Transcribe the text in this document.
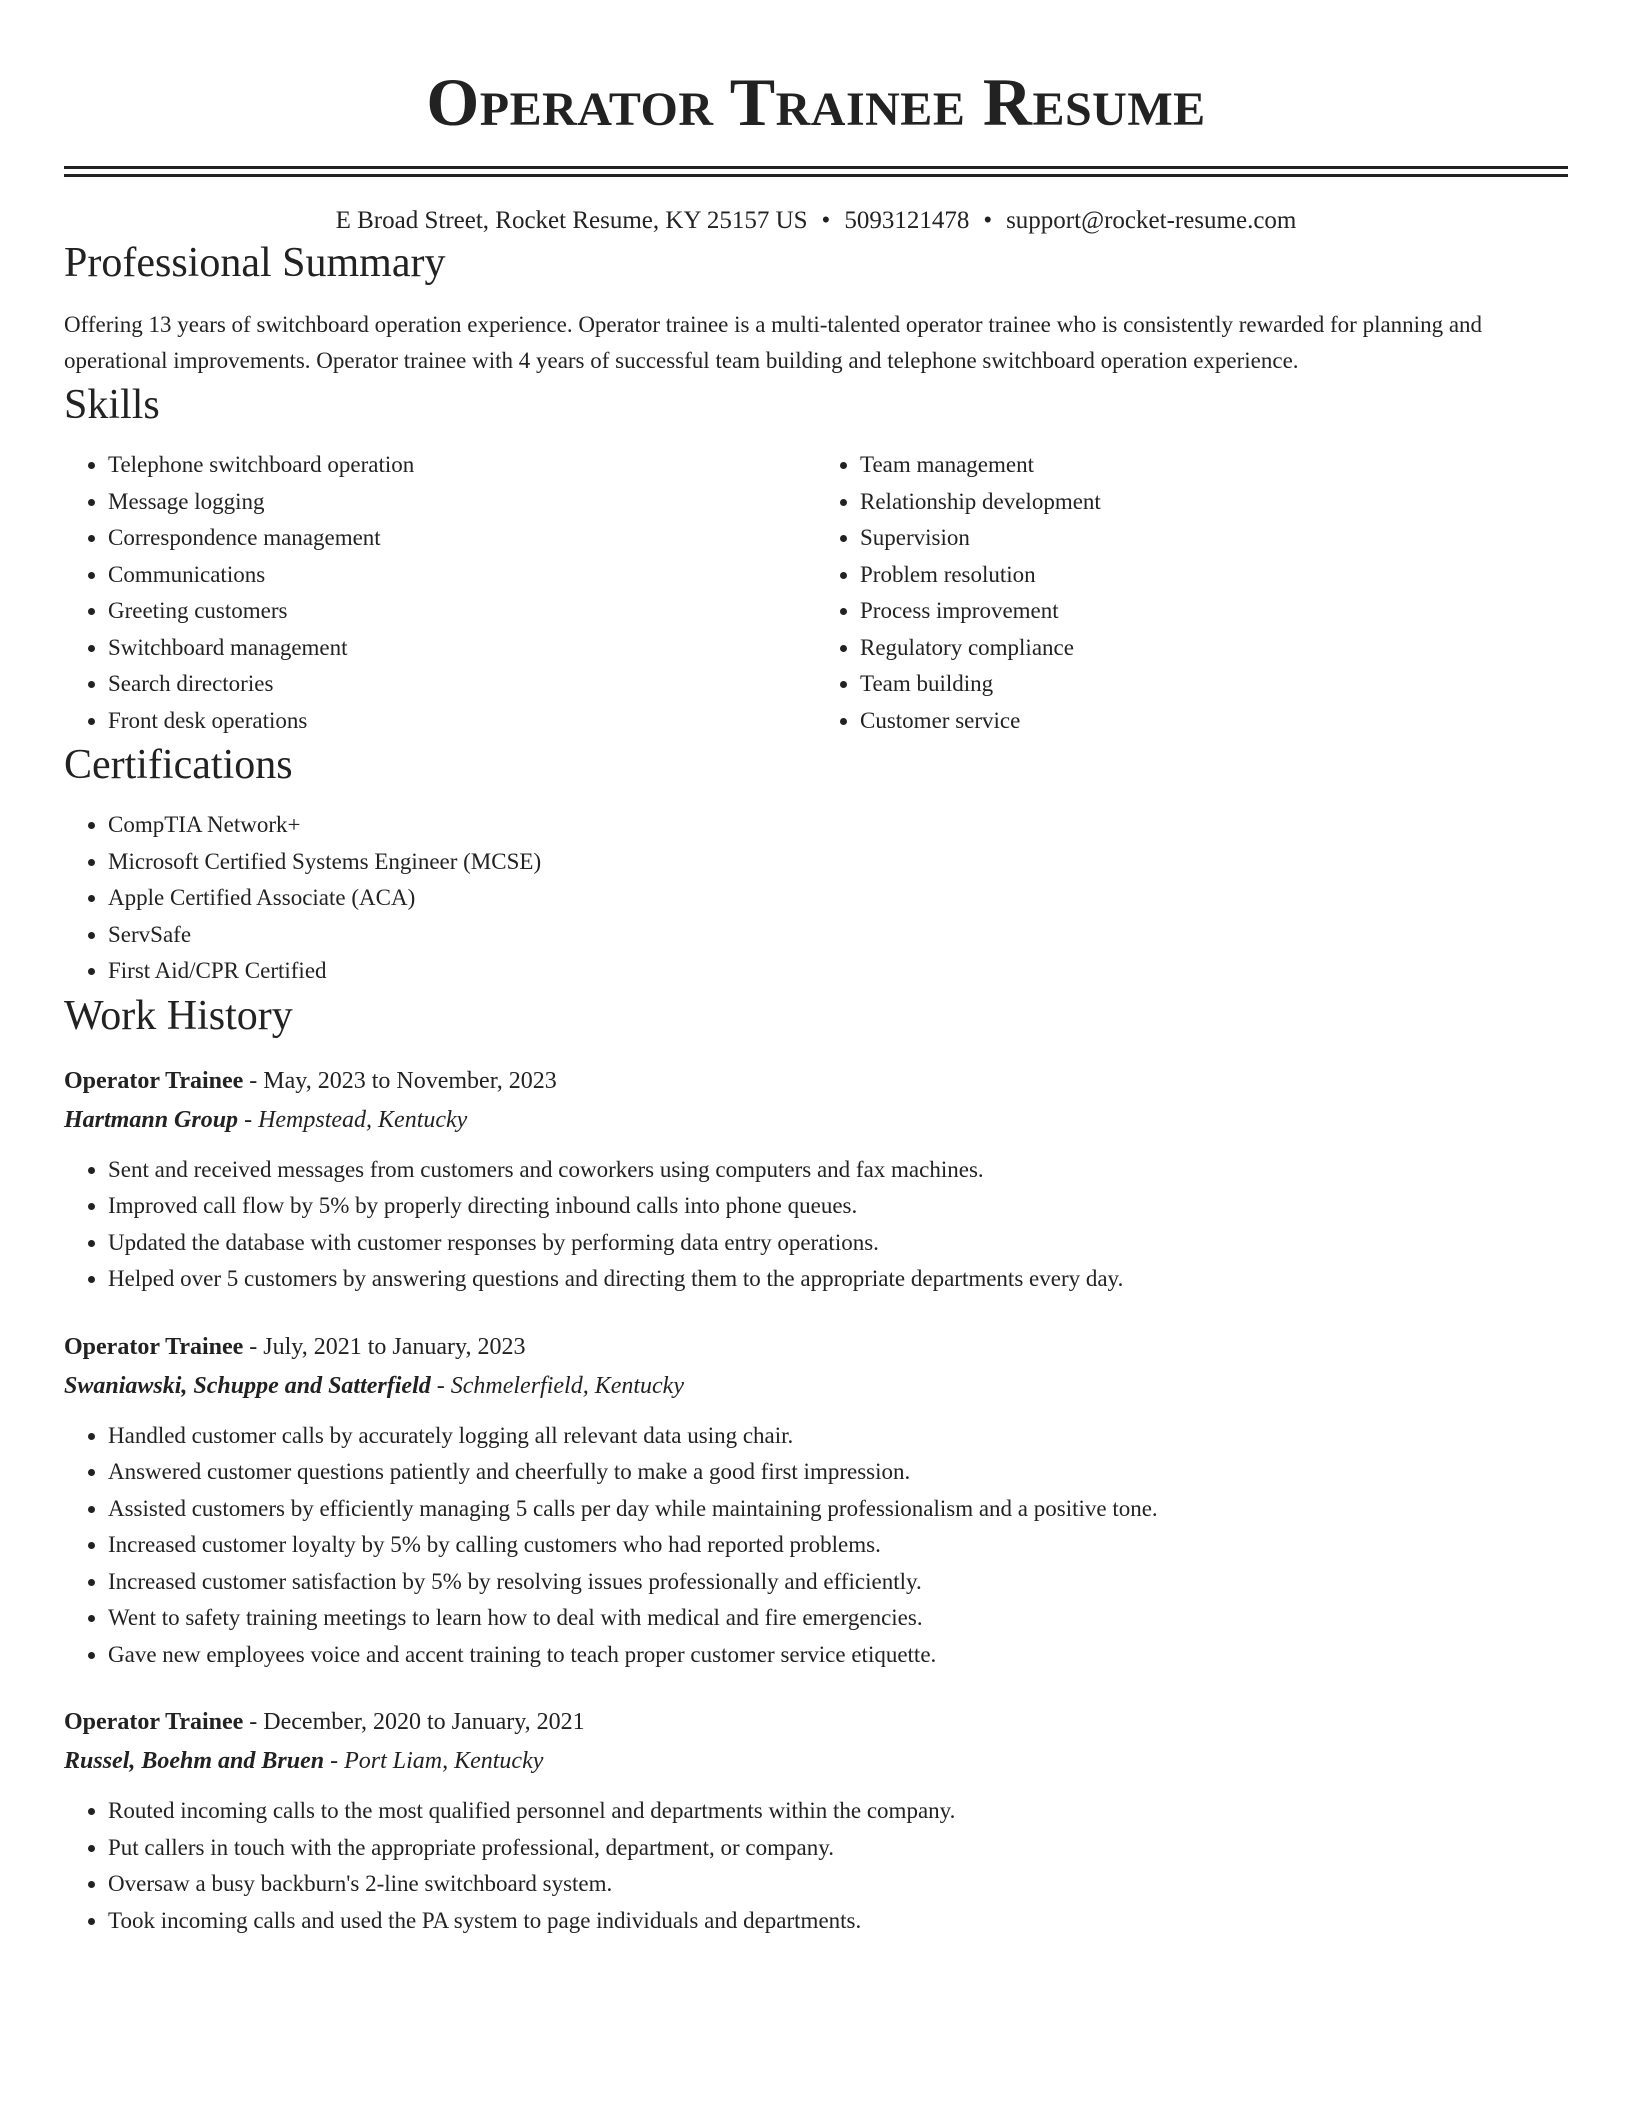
Operator Trainee Resume
E Broad Street, Rocket Resume, KY 25157 US • 5093121478 • support@rocket-resume.com
Professional Summary

Offering 13 years of switchboard operation experience. Operator trainee is a multi-talented operator trainee who is consistently rewarded for planning and operational improvements. Operator trainee with 4 years of successful team building and telephone switchboard operation experience.

Skills
• Telephone switchboard operation
• Message logging
• Correspondence management
• Communications
• Greeting customers
• Switchboard management
• Search directories
• Front desk operations
• Team management
• Relationship development
• Supervision
• Problem resolution
• Process improvement
• Regulatory compliance
• Team building
• Customer service
Certifications
• CompTIA Network+
• Microsoft Certified Systems Engineer (MCSE)
• Apple Certified Associate (ACA)
• ServSafe
• First Aid/CPR Certified
Work History
Operator Trainee - May, 2023 to November, 2023
Hartmann Group - Hempstead, Kentucky
• Sent and received messages from customers and coworkers using computers and fax machines.
• Improved call flow by 5% by properly directing inbound calls into phone queues.
• Updated the database with customer responses by performing data entry operations.
• Helped over 5 customers by answering questions and directing them to the appropriate departments every day.
Operator Trainee - July, 2021 to January, 2023
Swaniawski, Schuppe and Satterfield - Schmelerfield, Kentucky
• Handled customer calls by accurately logging all relevant data using chair.
• Answered customer questions patiently and cheerfully to make a good first impression.
• Assisted customers by efficiently managing 5 calls per day while maintaining professionalism and a positive tone.
• Increased customer loyalty by 5% by calling customers who had reported problems.
• Increased customer satisfaction by 5% by resolving issues professionally and efficiently.
• Went to safety training meetings to learn how to deal with medical and fire emergencies.
• Gave new employees voice and accent training to teach proper customer service etiquette.
Operator Trainee - December, 2020 to January, 2021
Russel, Boehm and Bruen - Port Liam, Kentucky
• Routed incoming calls to the most qualified personnel and departments within the company.
• Put callers in touch with the appropriate professional, department, or company.
• Oversaw a busy backburn's 2-line switchboard system.
• Took incoming calls and used the PA system to page individuals and departments.
